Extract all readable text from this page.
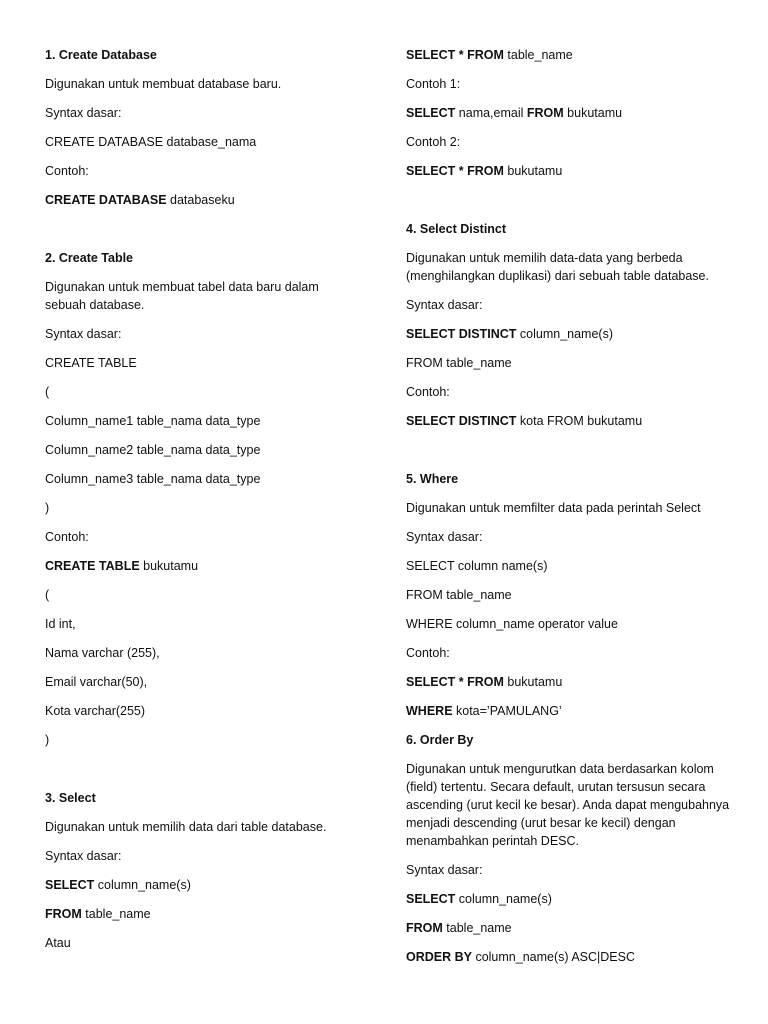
1. Create Database
Digunakan untuk membuat database baru.
Syntax dasar:
CREATE DATABASE database_nama
Contoh:
CREATE DATABASE databaseku
2. Create Table
Digunakan untuk membuat tabel data baru dalam sebuah database.
Syntax dasar:
CREATE TABLE
(
Column_name1 table_nama data_type
Column_name2 table_nama data_type
Column_name3 table_nama data_type
)
Contoh:
CREATE TABLE bukutamu
(
Id int,
Nama varchar (255),
Email varchar(50),
Kota varchar(255)
)
3. Select
Digunakan untuk memilih data dari table database.
Syntax dasar:
SELECT column_name(s)
FROM table_name
Atau
SELECT * FROM table_name
Contoh 1:
SELECT nama,email FROM bukutamu
Contoh 2:
SELECT * FROM bukutamu
4. Select Distinct
Digunakan untuk memilih data-data yang berbeda (menghilangkan duplikasi) dari sebuah table database.
Syntax dasar:
SELECT DISTINCT column_name(s)
FROM table_name
Contoh:
SELECT DISTINCT kota FROM bukutamu
5. Where
Digunakan untuk memfilter data pada perintah Select
Syntax dasar:
SELECT column name(s)
FROM table_name
WHERE column_name operator value
Contoh:
SELECT * FROM bukutamu
WHERE kota=’PAMULANG’
6. Order By
Digunakan untuk mengurutkan data berdasarkan kolom (field) tertentu. Secara default, urutan tersusun secara ascending (urut kecil ke besar). Anda dapat mengubahnya menjadi descending (urut besar ke kecil) dengan menambahkan perintah DESC.
Syntax dasar:
SELECT column_name(s)
FROM table_name
ORDER BY column_name(s) ASC|DESC
